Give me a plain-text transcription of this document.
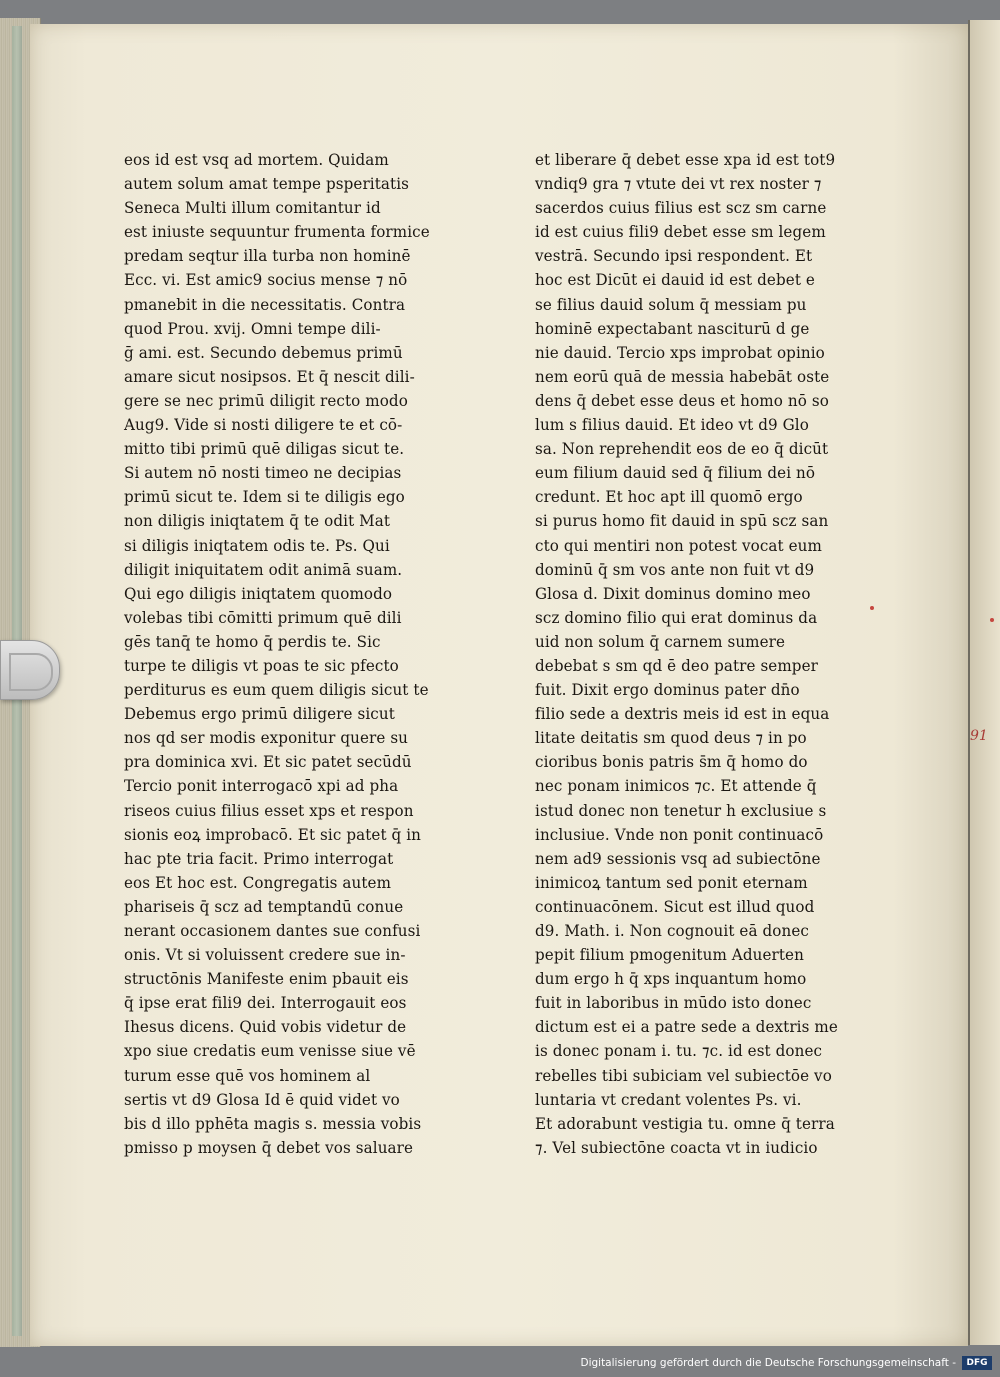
eos id est vsq ad mortem. Quidam
autem solum amat tempe psperitatis
Seneca Multi illum comitantur id
est iniuste sequuntur frumenta formice
predam seqtur illa turba non hominē
Ecc. vi. Est amic9 socius mense ⁊ nō
pmanebit in die necessitatis. Contra
quod Prou. xvij. Omni tempe dili-
ḡ ami. est. Secundo debemus primū
amare sicut nosipsos. Et q̄ nescit dili-
gere se nec primū diligit recto modo
Aug9. Vide si nosti diligere te et cō-
mitto tibi primū quē diligas sicut te.
Si autem nō nosti timeo ne decipias
primū sicut te. Idem si te diligis ego
non diligis iniqtatem q̄ te odit Mat
si diligis iniqtatem odis te. Ps. Qui
diligit iniquitatem odit animā suam.
Qui ego diligis iniqtatem quomodo
volebas tibi cōmitti primum quē dili
gēs tanq̄ te homo q̄ perdis te. Sic
turpe te diligis vt poas te sic pfecto
perditurus es eum quem diligis sicut te
Debemus ergo primū diligere sicut
nos qd ser modis exponitur quere su
pra dominica xvi. Et sic patet secūdū
Tercio ponit interrogacō xpi ad pha
riseos cuius filius esset xps et respon
sionis eoꝝ improbacō. Et sic patet q̄ in
hac pte tria facit. Primo interrogat
eos Et hoc est. Congregatis autem
pharisеis q̄ scz ad temptandū conue
nerant occasionem dantes sue confusi
onis. Vt si voluissent credere sue in-
structōnis Manifeste enim pbauit eis
q̄ ipse erat fili9 dei. Interrogauit eos
Ihesus dicens. Quid vobis videtur de
xpo siue credatis eum venisse siue vē
turum esse quē vos hominem al
sertis vt d9 Glosa Id ē quid videt vo
bis d illo pphēta magis s. messia vobis
pmisso p moysen q̄ debet vos saluare
et liberare q̄ debet esse xpa id est tot9
vndiq9 gra ⁊ vtute dei vt rex noster ⁊
sacerdos cuius filius est scz sm carne
id est cuius fili9 debet esse sm legem
vestrā. Secundo ipsi respondent. Et
hoc est Dicūt ei dauid id est debet e
se filius dauid solum q̄ messiam pu
hominē expectabant nasciturū d ge
nie dauid. Tercio xps improbat opinio
nem eorū quā de messia habebāt oste
dens q̄ debet esse deus et homo nō so
lum s filius dauid. Et ideo vt d9 Glo
sa. Non reprehendit eos de eo q̄ dicūt
eum filium dauid sed q̄ filium dei nō
credunt. Et hoc apt ill quomō ergo
si purus homo fit dauid in spū scz san
cto qui mentiri non potest vocat eum
dominū q̄ sm vos ante non fuit vt d9
Glosa d. Dixit dominus domino meo
scz domino filio qui erat dominus da
uid non solum q̄ carnem sumere
debebat s sm qd ē deo patre semper
fuit. Dixit ergo dominus pater dn̄o
filio sede a dextris meis id est in equa
litate deitatis sm quod deus ⁊ in po
cioribus bonis patris s̄m q̄ homo do
nec ponam inimicos ⁊c. Et attende q̄
istud donec non tenetur h exclusiue s
inclusiue. Vnde non ponit continuacō
nem ad9 sessionis vsq ad subiectōne
inimicoꝝ tantum sed ponit eternam
continuacōnem. Sicut est illud quod
d9. Math. i. Non cognouit eā donec
pepit filium pmogenitum Aduerten
dum ergo h q̄ xps inquantum homo
fuit in laboribus in mūdo isto donec
dictum est ei a patre sede a dextris me
is donec ponam i. tu. ⁊c. id est donec
rebelles tibi subiciam vel subiectōe vo
luntaria vt credant volentes Ps. vi.
Et adorabunt vestigia tu. omne q̄ terra
⁊. Vel subiectōne coacta vt in iudicio
91
Digitalisierung gefördert durch die Deutsche Forschungsgemeinschaft -	DFG
